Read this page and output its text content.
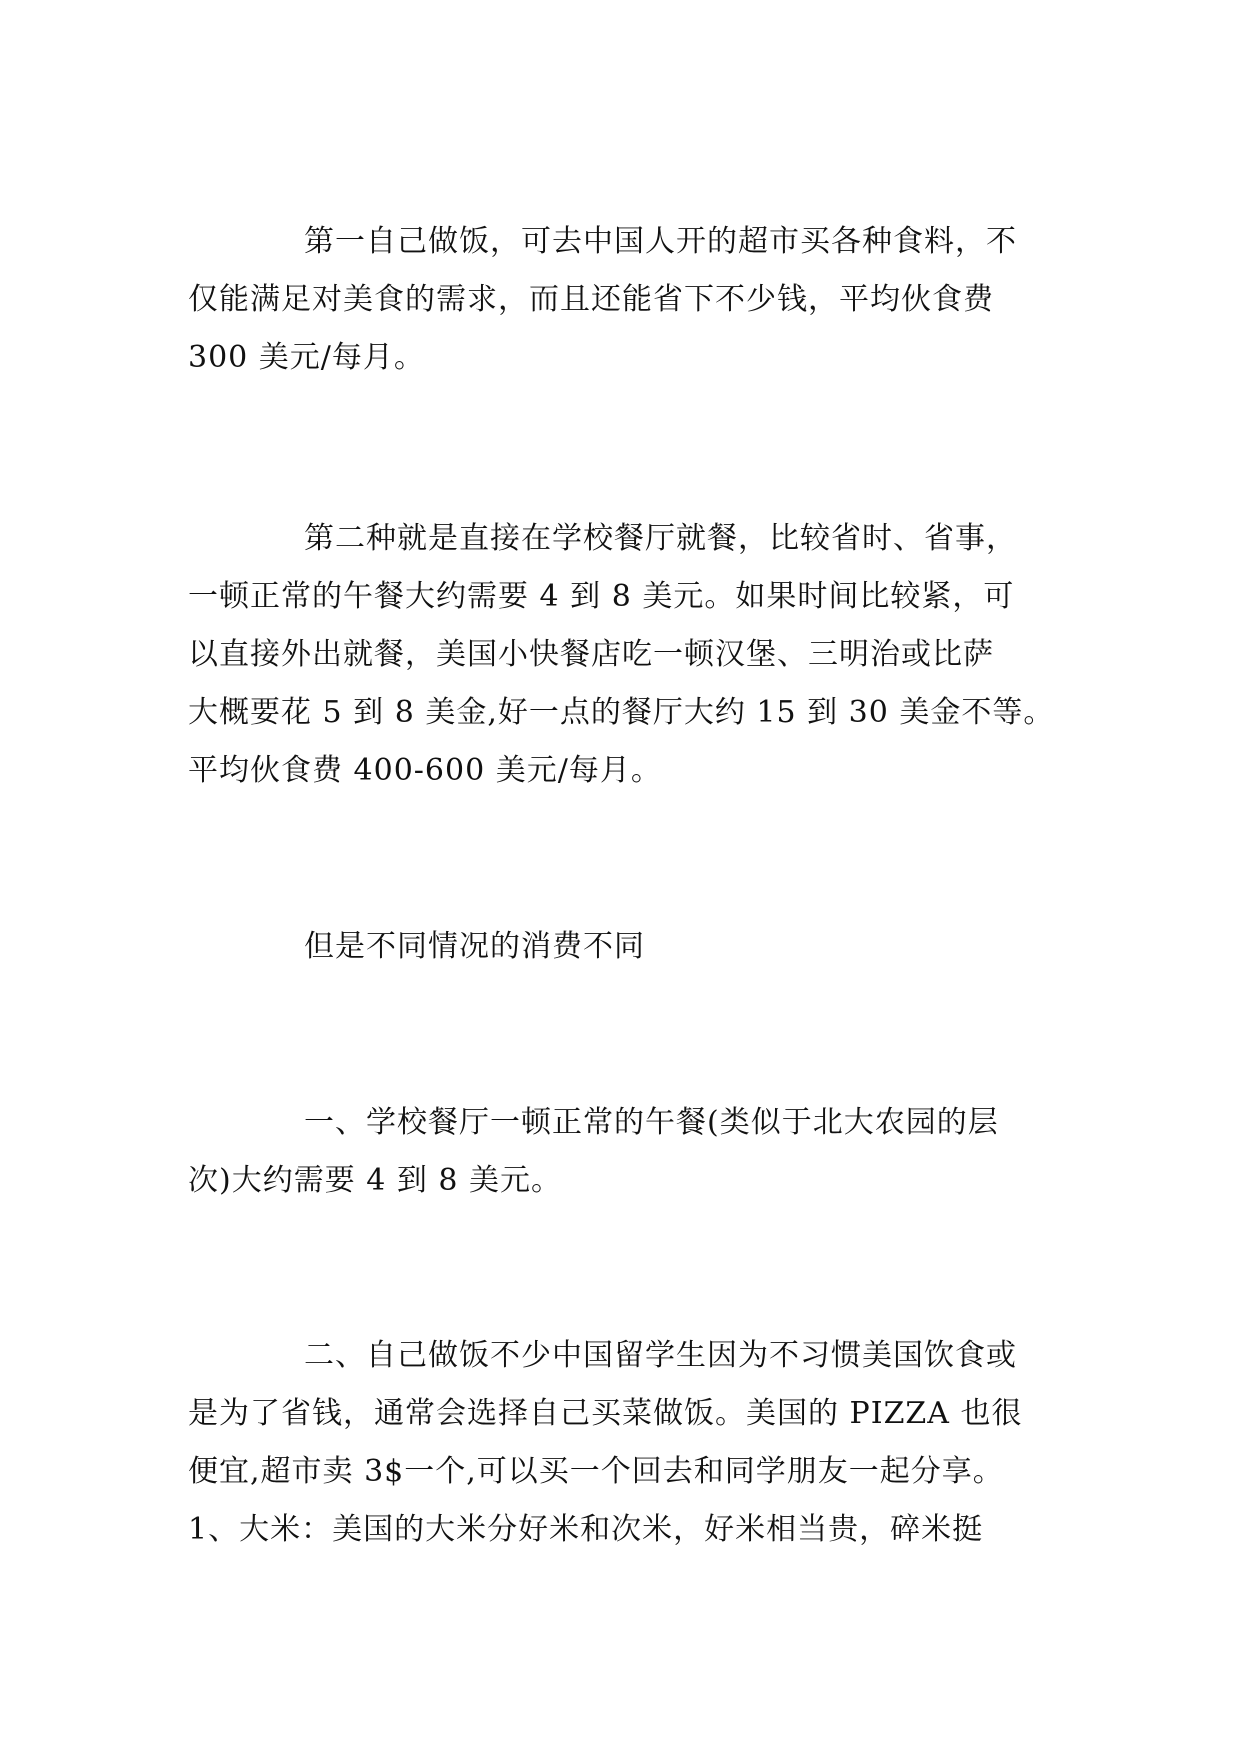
第一自己做饭，可去中国人开的超市买各种食料，不
仅能满足对美食的需求，而且还能省下不少钱，平均伙食费
300 美元/每月。
第二种就是直接在学校餐厅就餐，比较省时、省事，
一顿正常的午餐大约需要 4 到 8 美元。如果时间比较紧，可
以直接外出就餐，美国小快餐店吃一顿汉堡、三明治或比萨
大概要花 5 到 8 美金,好一点的餐厅大约 15 到 30 美金不等。
平均伙食费 400-600 美元/每月。
但是不同情况的消费不同
一、学校餐厅一顿正常的午餐(类似于北大农园的层
次)大约需要 4 到 8 美元。
二、自己做饭不少中国留学生因为不习惯美国饮食或
是为了省钱，通常会选择自己买菜做饭。美国的 PIZZA 也很
便宜,超市卖 3$一个,可以买一个回去和同学朋友一起分享。
1、大米：美国的大米分好米和次米，好米相当贵，碎米挺
